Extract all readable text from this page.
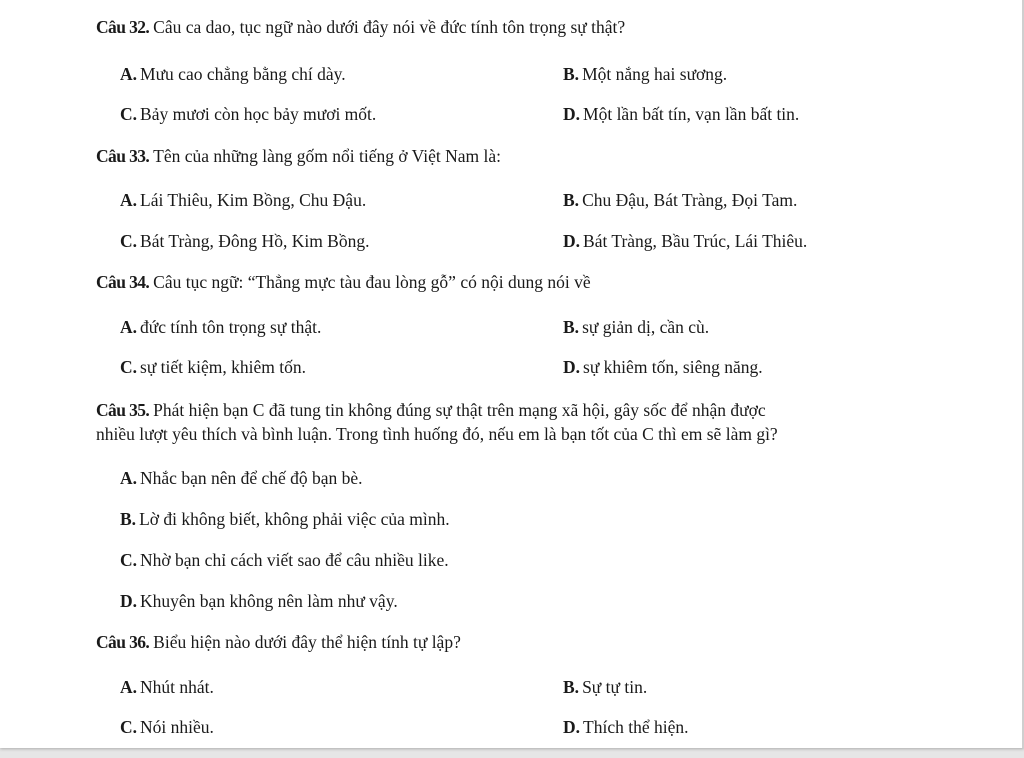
Câu 32. Câu ca dao, tục ngữ nào dưới đây nói về đức tính tôn trọng sự thật?
A. Mưu cao chẳng bằng chí dày.	B. Một nắng hai sương.
C. Bảy mươi còn học bảy mươi mốt.	D. Một lần bất tín, vạn lần bất tin.
Câu 33. Tên của những làng gốm nổi tiếng ở Việt Nam là:
A. Lái Thiêu, Kim Bồng, Chu Đậu.	B. Chu Đậu, Bát Tràng, Đọi Tam.
C. Bát Tràng, Đông Hồ, Kim Bồng.	D. Bát Tràng, Bầu Trúc, Lái Thiêu.
Câu 34. Câu tục ngữ: “Thẳng mực tàu đau lòng gỗ” có nội dung nói về
A. đức tính tôn trọng sự thật.	B. sự giản dị, cần cù.
C. sự tiết kiệm, khiêm tốn.	D. sự khiêm tốn, siêng năng.
Câu 35. Phát hiện bạn C đã tung tin không đúng sự thật trên mạng xã hội, gây sốc để nhận được
nhiều lượt yêu thích và bình luận. Trong tình huống đó, nếu em là bạn tốt của C thì em sẽ làm gì?
A. Nhắc bạn nên để chế độ bạn bè.
B. Lờ đi không biết, không phải việc của mình.
C. Nhờ bạn chỉ cách viết sao để câu nhiều like.
D. Khuyên bạn không nên làm như vậy.
Câu 36. Biểu hiện nào dưới đây thể hiện tính tự lập?
A. Nhút nhát.	B. Sự tự tin.
C. Nói nhiều.	D. Thích thể hiện.
